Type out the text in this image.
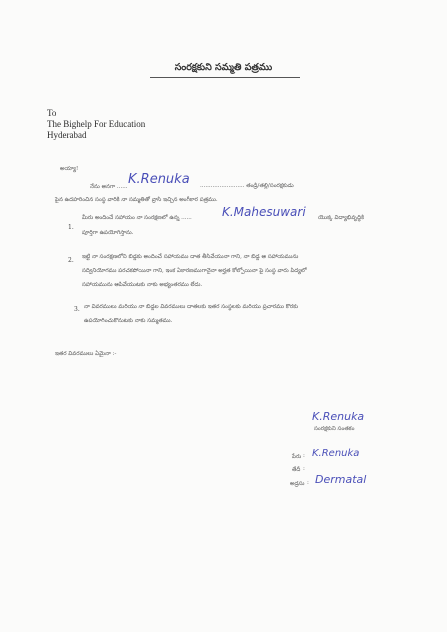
సంరక్షకుని సమ్మతి పత్రము
To
The Bighelp For Education
Hyderabad
అయ్యా!
నేను అనగా ...... K.Renuka ......................... తండ్రి/తల్లి/సంరక్షకుడు
పైన ఉదహరించిన సంస్థ వారికి నా సమ్మతితో వ్రాసి ఇచ్చిన అంగీకార పత్రము.
1.
మీరు అందించే సహాయం నా సంరక్షణలో ఉన్న ......	K.Mahesuwari యొక్క విద్యాభివృద్ధికి
పూర్తిగా ఉపయోగిస్తాను.
2. ఇట్టి నా సంరక్షణలోని బిడ్డకు అందించే సహాయము దాత తీసివేయునా గాని, నా బిడ్డ ఆ సహాయమును
సద్వినియోగము పరచకపోయినా గాని, ఇంక ఏకారణముగానైనా అర్హత కోల్పోయినా పై సంస్థ వారు పిద్యలో
సహాయమును ఆపివేయుటకు నాకు అభ్యంతరము లేదు.
3. నా వివరములు మరియు నా బిడ్డల వివరములు దాతలకు ఇతర సంస్థలకు మరియు ప్రచారము కొరకు
ఉపయోగించుకొనుటకు నాకు సమ్మతము.
ఇతర వివరములు ఏమైనా :-
K.Renuka
సంరక్షకుని సంతకం
పేరు : K.Renuka
తేదీ :
అడ్రసు : Dermatal
